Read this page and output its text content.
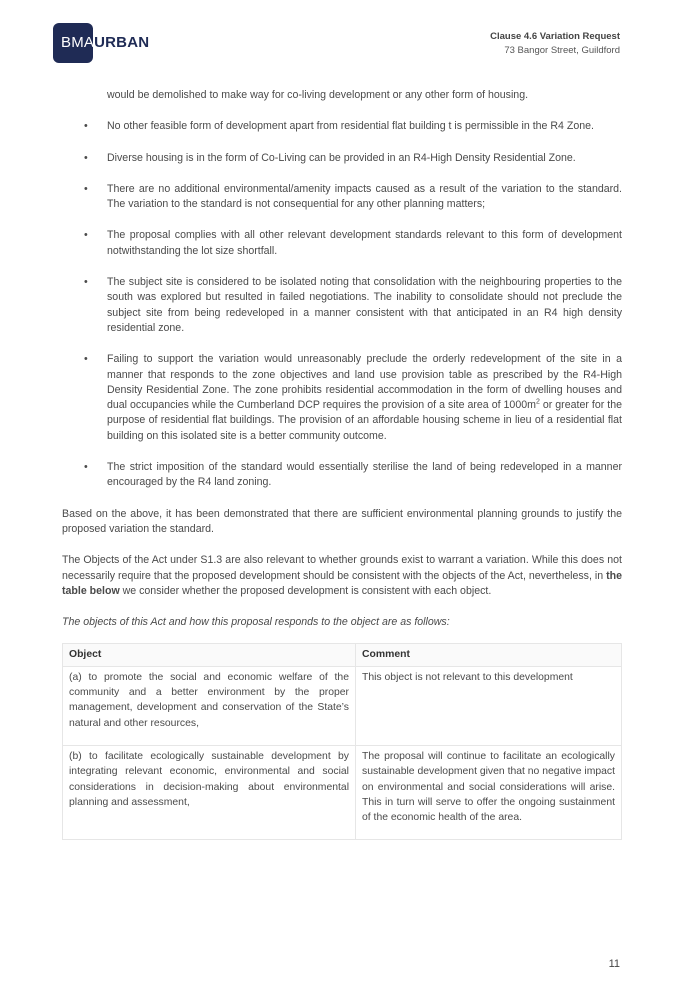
BMAURBAN	Clause 4.6 Variation Request
73 Bangor Street, Guildford
would be demolished to make way for co-living development or any other form of housing.
• No other feasible form of development apart from residential flat building t is permissible in the R4 Zone.
• Diverse housing is in the form of Co-Living can be provided in an R4-High Density Residential Zone.
• There are no additional environmental/amenity impacts caused as a result of the variation to the standard. The variation to the standard is not consequential for any other planning matters;
• The proposal complies with all other relevant development standards relevant to this form of development notwithstanding the lot size shortfall.
• The subject site is considered to be isolated noting that consolidation with the neighbouring properties to the south was explored but resulted in failed negotiations. The inability to consolidate should not preclude the subject site from being redeveloped in a manner consistent with that anticipated in an R4 high density residential zone.
• Failing to support the variation would unreasonably preclude the orderly redevelopment of the site in a manner that responds to the zone objectives and land use provision table as prescribed by the R4-High Density Residential Zone. The zone prohibits residential accommodation in the form of dwelling houses and dual occupancies while the Cumberland DCP requires the provision of a site area of $1000m^2$ or greater for the purpose of residential flat buildings. The provision of an affordable housing scheme in lieu of a residential flat building on this isolated site is a better community outcome.
• The strict imposition of the standard would essentially sterilise the land of being redeveloped in a manner encouraged by the R4 land zoning.

Based on the above, it has been demonstrated that there are sufficient environmental planning grounds to justify the proposed variation the standard.

The Objects of the Act under S1.3 are also relevant to whether grounds exist to warrant a variation. While this does not necessarily require that the proposed development should be consistent with the objects of the Act, nevertheless, in the table below we consider whether the proposed development is consistent with each object.

The objects of this Act and how this proposal responds to the object are as follows:

Object	Comment
(a) to promote the social and economic welfare of the community and a better environment by the proper management, development and conservation of the State’s natural and other resources,	This object is not relevant to this development
(b) to facilitate ecologically sustainable development by integrating relevant economic, environmental and social considerations in decision-making about environmental planning and assessment,	The proposal will continue to facilitate an ecologically sustainable development given that no negative impact on environmental and social considerations will arise. This in turn will serve to offer the ongoing sustainment of the economic health of the area.
11
